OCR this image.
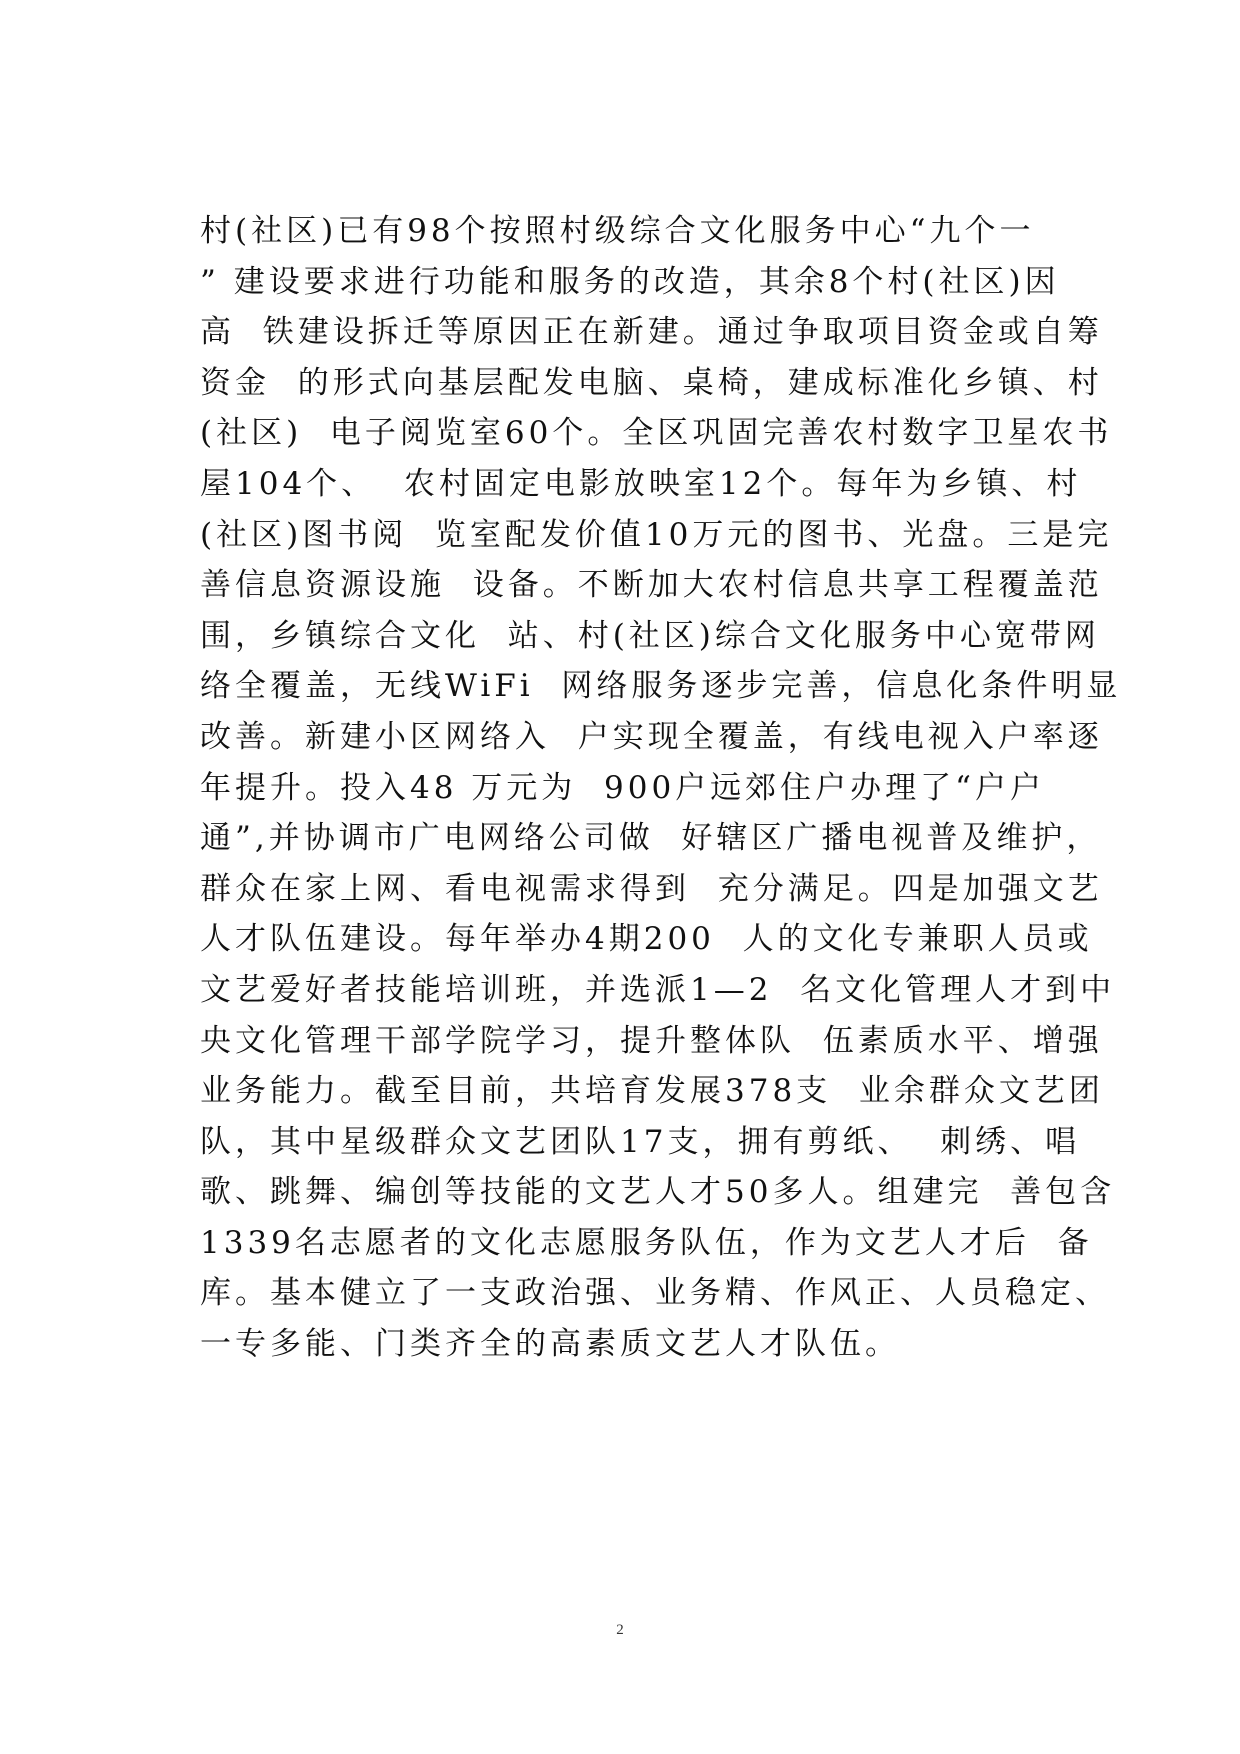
村(社区)已有98个按照村级综合文化服务中心“九个一
” 建设要求进行功能和服务的改造，其余8个村(社区)因
高  铁建设拆迁等原因正在新建。通过争取项目资金或自筹
资金  的形式向基层配发电脑、桌椅，建成标准化乡镇、村
(社区)  电子阅览室60个。全区巩固完善农村数字卫星农书
屋104个、  农村固定电影放映室12个。每年为乡镇、村
(社区)图书阅  览室配发价值10万元的图书、光盘。三是完
善信息资源设施  设备。不断加大农村信息共享工程覆盖范
围，乡镇综合文化  站、村(社区)综合文化服务中心宽带网
络全覆盖，无线WiFi  网络服务逐步完善，信息化条件明显
改善。新建小区网络入  户实现全覆盖，有线电视入户率逐
年提升。投入48 万元为  900户远郊住户办理了“户户
通”,并协调市广电网络公司做  好辖区广播电视普及维护，
群众在家上网、看电视需求得到  充分满足。四是加强文艺
人才队伍建设。每年举办4期200  人的文化专兼职人员或
文艺爱好者技能培训班，并选派1—2  名文化管理人才到中
央文化管理干部学院学习，提升整体队  伍素质水平、增强
业务能力。截至目前，共培育发展378支  业余群众文艺团
队，其中星级群众文艺团队17支，拥有剪纸、  刺绣、唱
歌、跳舞、编创等技能的文艺人才50多人。组建完  善包含
1339名志愿者的文化志愿服务队伍，作为文艺人才后  备
库。基本健立了一支政治强、业务精、作风正、人员稳定、
一专多能、门类齐全的高素质文艺人才队伍。
2
